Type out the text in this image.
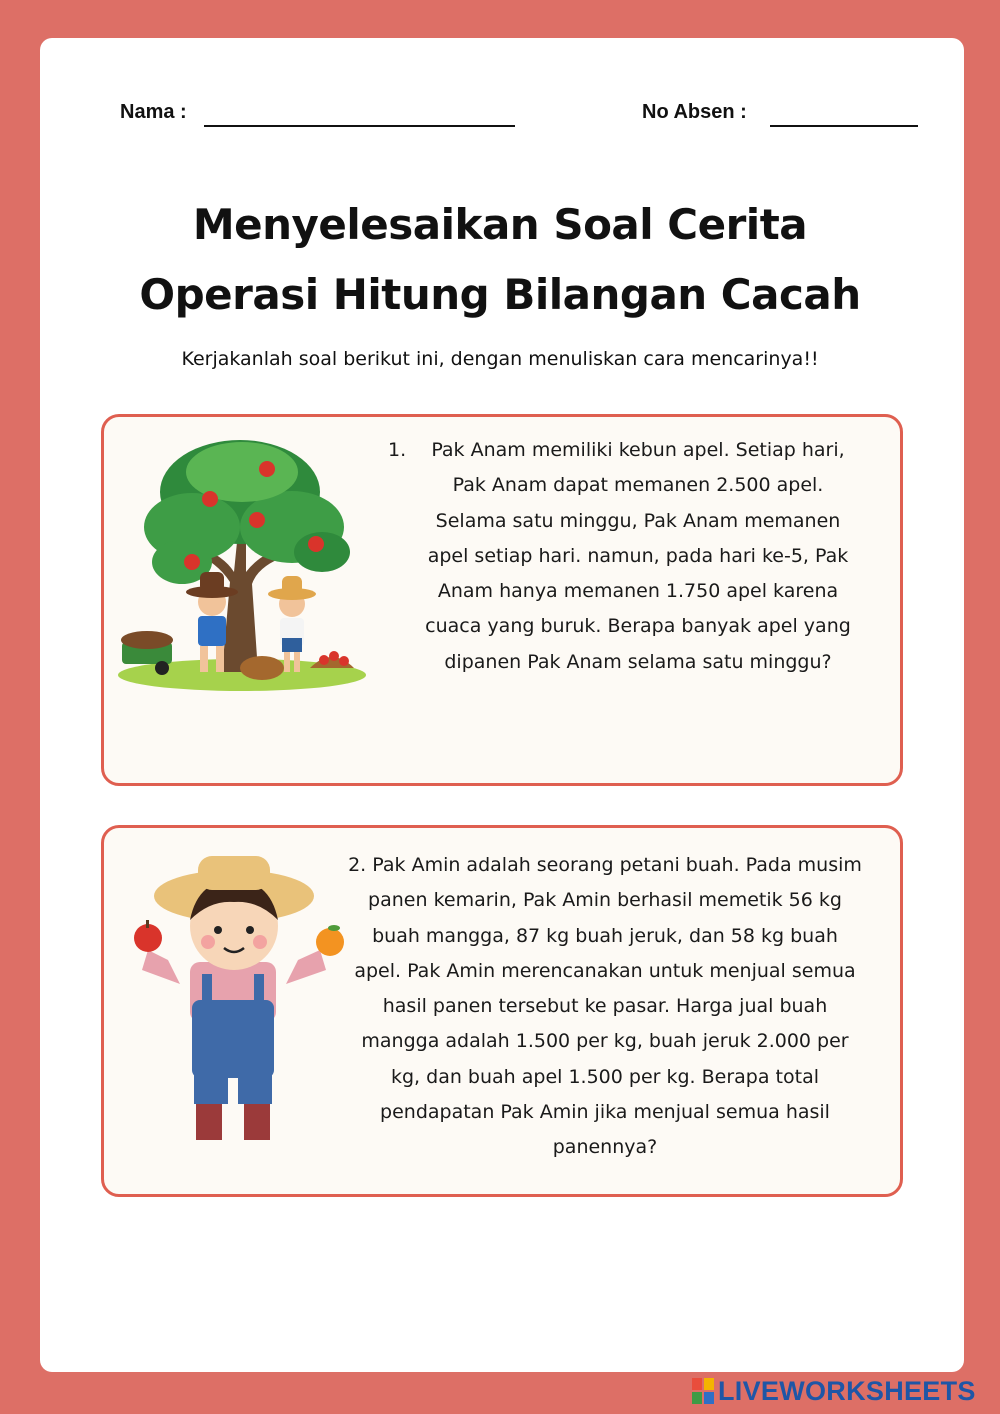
Nama :	No Absen :
Menyelesaikan Soal Cerita
Operasi Hitung Bilangan Cacah
Kerjakanlah soal berikut ini, dengan menuliskan cara mencarinya!!
1.	Pak Anam memiliki kebun apel. Setiap hari, Pak Anam dapat memanen 2.500 apel. Selama satu minggu, Pak Anam memanen apel setiap hari. namun, pada hari ke-5, Pak Anam hanya memanen 1.750 apel karena cuaca yang buruk. Berapa banyak apel yang dipanen Pak Anam selama satu minggu?
2. Pak Amin adalah seorang petani buah. Pada musim panen kemarin, Pak Amin berhasil memetik 56 kg buah mangga, 87 kg buah jeruk, dan 58 kg buah apel. Pak Amin merencanakan untuk menjual semua hasil panen tersebut ke pasar. Harga jual buah mangga adalah 1.500 per kg, buah jeruk 2.000 per kg, dan buah apel 1.500 per kg. Berapa total pendapatan Pak Amin jika menjual semua hasil panennya?
LIVEWORKSHEETS
